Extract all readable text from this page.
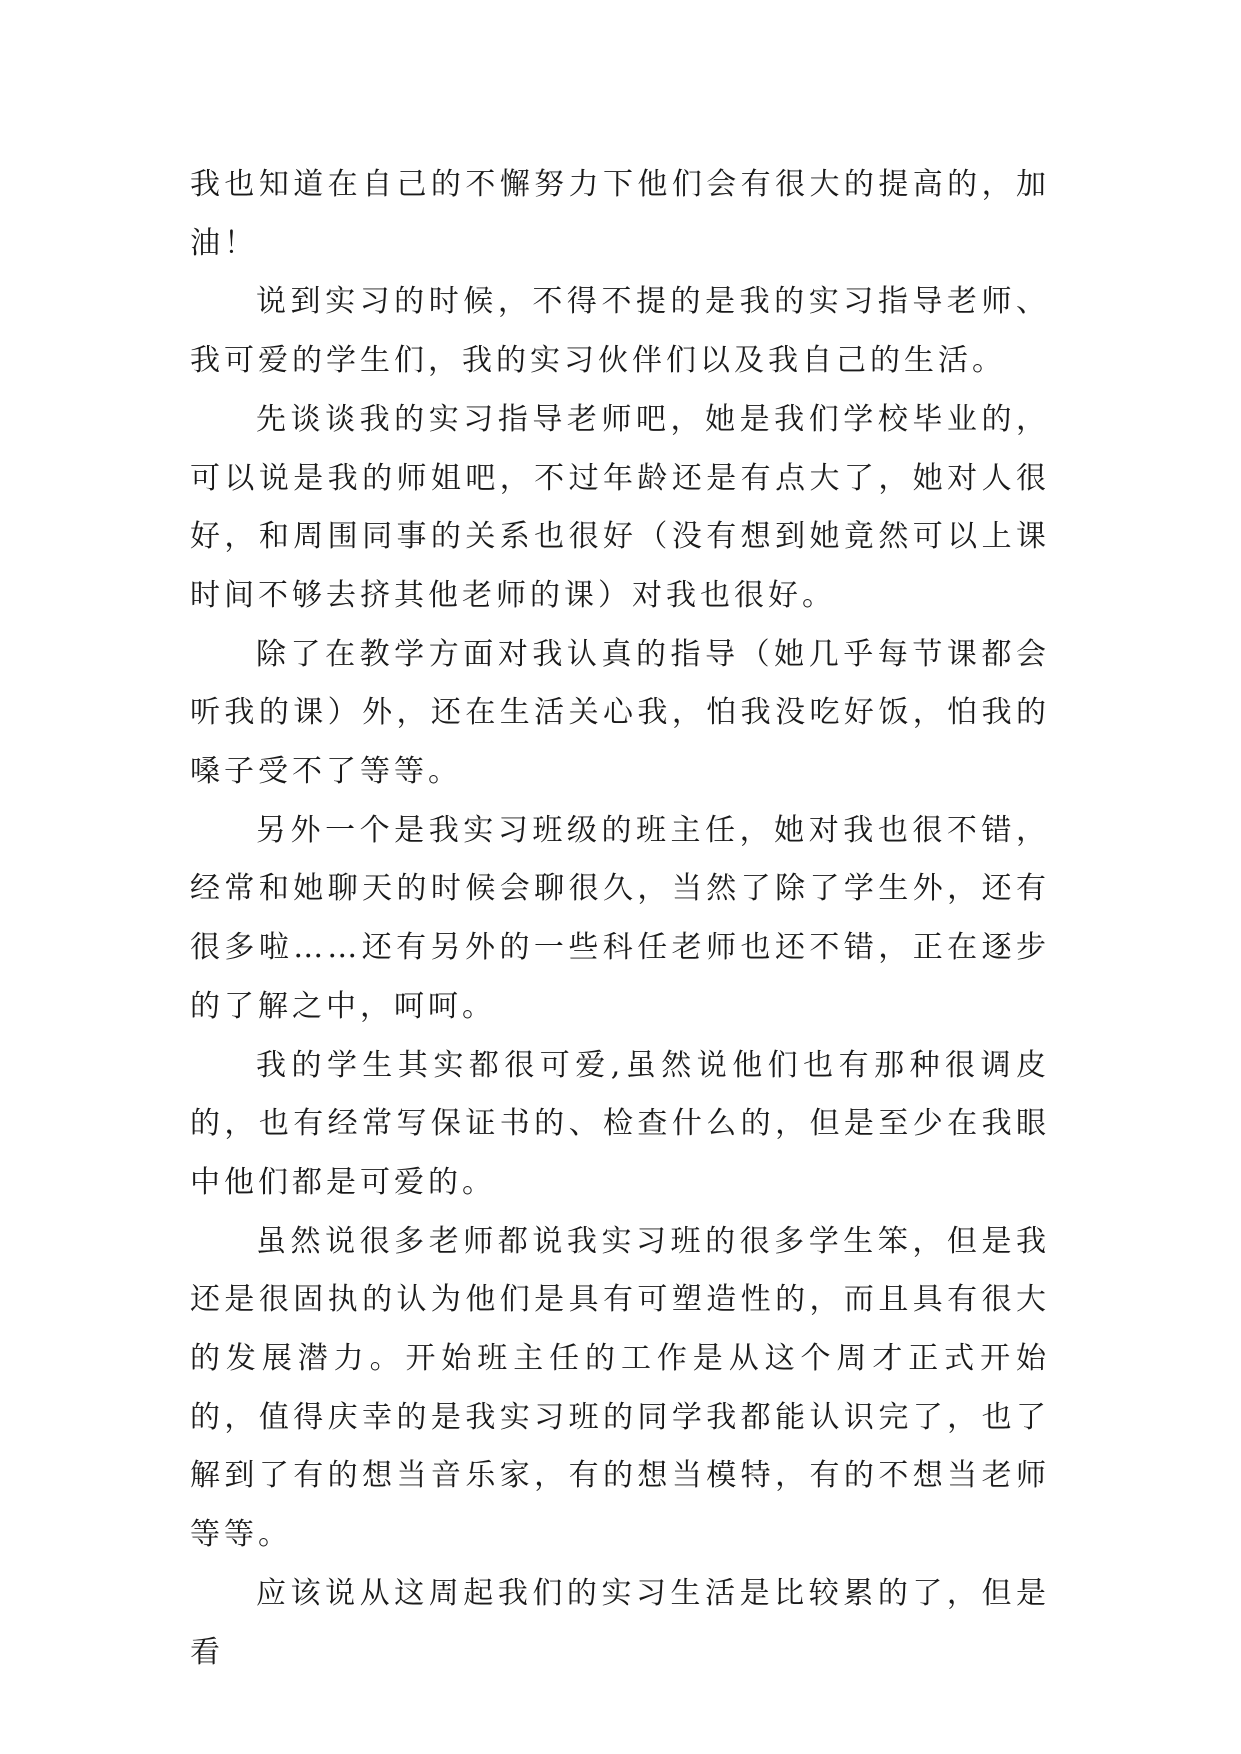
我也知道在自己的不懈努力下他们会有很大的提高的，加油！

说到实习的时候，不得不提的是我的实习指导老师、我可爱的学生们，我的实习伙伴们以及我自己的生活。

先谈谈我的实习指导老师吧，她是我们学校毕业的，可以说是我的师姐吧，不过年龄还是有点大了，她对人很好，和周围同事的关系也很好（没有想到她竟然可以上课时间不够去挤其他老师的课）对我也很好。

除了在教学方面对我认真的指导（她几乎每节课都会听我的课）外，还在生活关心我，怕我没吃好饭，怕我的嗓子受不了等等。

另外一个是我实习班级的班主任，她对我也很不错，经常和她聊天的时候会聊很久，当然了除了学生外，还有很多啦……还有另外的一些科任老师也还不错，正在逐步的了解之中，呵呵。

我的学生其实都很可爱,虽然说他们也有那种很调皮的，也有经常写保证书的、检查什么的，但是至少在我眼中他们都是可爱的。

虽然说很多老师都说我实习班的很多学生笨，但是我还是很固执的认为他们是具有可塑造性的，而且具有很大的发展潜力。开始班主任的工作是从这个周才正式开始的，值得庆幸的是我实习班的同学我都能认识完了，也了解到了有的想当音乐家，有的想当模特，有的不想当老师等等。

应该说从这周起我们的实习生活是比较累的了，但是看
